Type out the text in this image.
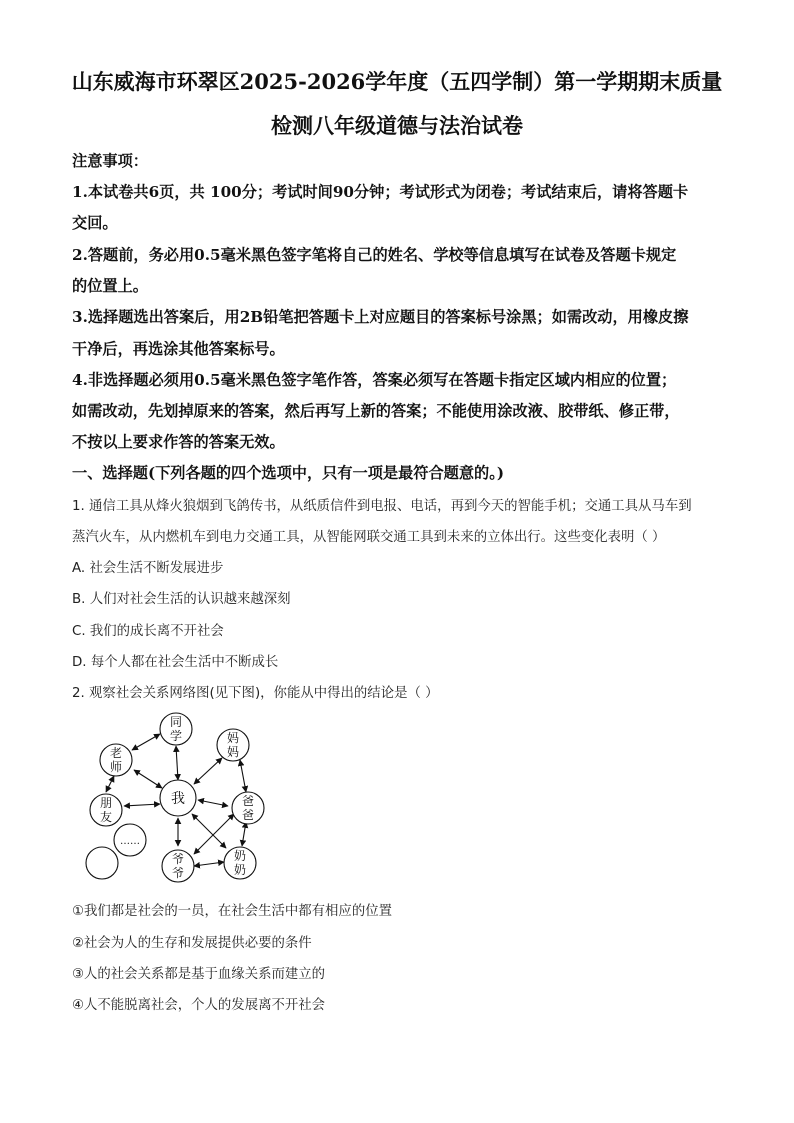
山东威海市环翠区2025-2026学年度（五四学制）第一学期期末质量
检测八年级道德与法治试卷
注意事项：
1.本试卷共6页，共 100分；考试时间90分钟；考试形式为闭卷；考试结束后，请将答题卡
交回。
2.答题前，务必用0.5毫米黑色签字笔将自己的姓名、学校等信息填写在试卷及答题卡规定
的位置上。
3.选择题选出答案后，用2B铅笔把答题卡上对应题目的答案标号涂黑；如需改动，用橡皮擦
干净后，再选涂其他答案标号。
4.非选择题必须用0.5毫米黑色签字笔作答，答案必须写在答题卡指定区域内相应的位置；
如需改动，先划掉原来的答案，然后再写上新的答案；不能使用涂改液、胶带纸、修正带，
不按以上要求作答的答案无效。
一、选择题(下列各题的四个选项中，只有一项是最符合题意的。)
1. 通信工具从烽火狼烟到飞鸽传书，从纸质信件到电报、电话，再到今天的智能手机；交通工具从马车到
蒸汽火车，从内燃机车到电力交通工具，从智能网联交通工具到未来的立体出行。这些变化表明（ ）
A. 社会生活不断发展进步
B. 人们对社会生活的认识越来越深刻
C. 我们的成长离不开社会
D. 每个人都在社会生活中不断成长
2. 观察社会关系网络图(见下图)，你能从中得出的结论是（ ）
我
同
学
老
师
妈
妈
朋
友
爸
爸
……
爷
爷
奶
奶
①我们都是社会的一员，在社会生活中都有相应的位置
②社会为人的生存和发展提供必要的条件
③人的社会关系都是基于血缘关系而建立的
④人不能脱离社会，个人的发展离不开社会
